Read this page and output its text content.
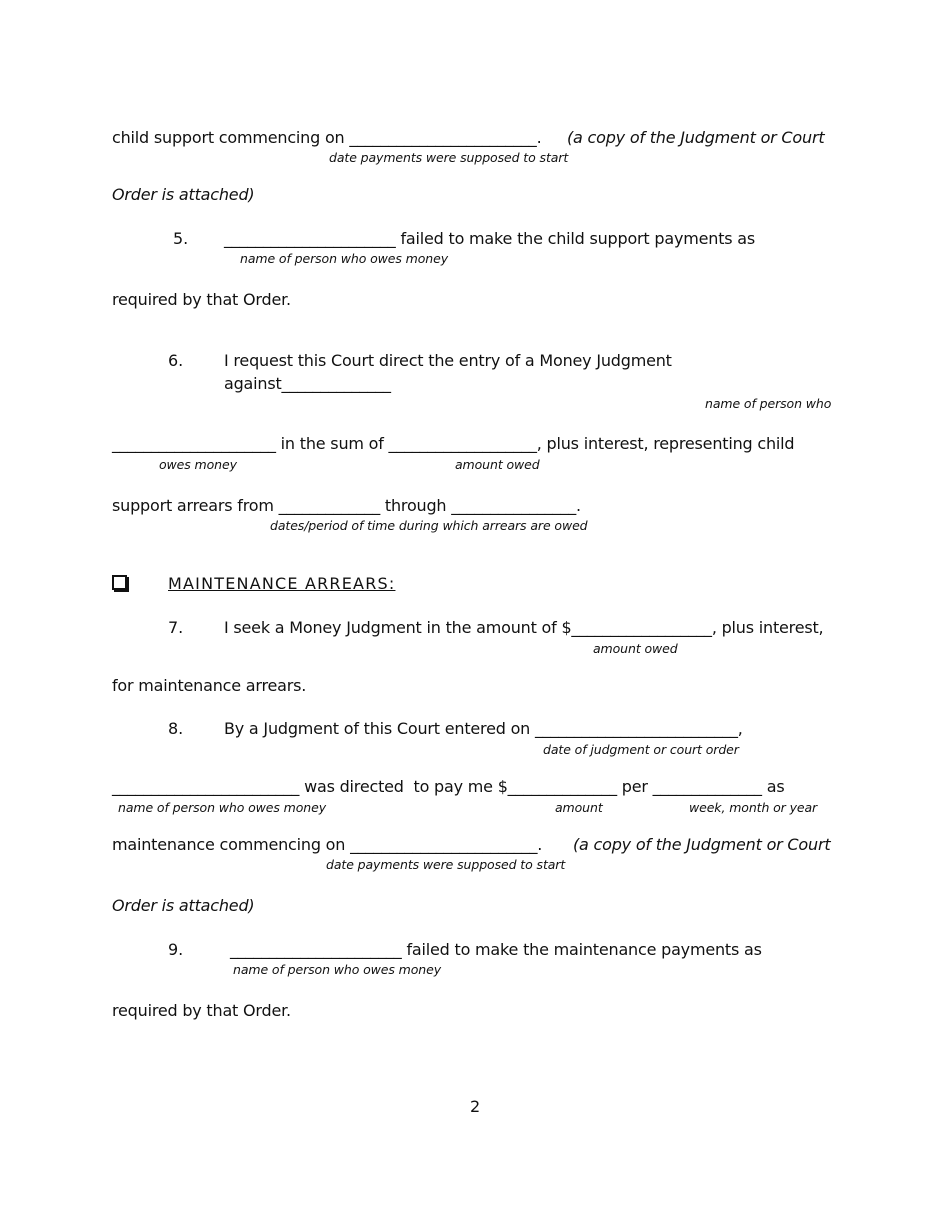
child support commencing on ________________________. (a copy of the Judgment or Court
date payments were supposed to start
Order is attached)
5. ______________________ failed to make the child support payments as
name of person who owes money
required by that Order.
6.	I request this Court direct the entry of a Money Judgment
against______________
name of person who
_____________________ in the sum of ___________________, plus interest, representing child
owes money	amount owed
support arrears from _____________ through ________________.
dates/period of time during which arrears are owed
MAINTENANCE ARREARS:
7.	I seek a Money Judgment in the amount of $__________________, plus interest,
amount owed
for maintenance arrears.
8.	By a Judgment of this Court entered on __________________________,
date of judgment or court order
________________________ was directed  to pay me $______________ per ______________ as
name of person who owes money	amount	week, month or year
maintenance commencing on ________________________. (a copy of the Judgment or Court
date payments were supposed to start
Order is attached)
9.	______________________ failed to make the maintenance payments as
name of person who owes money
required by that Order.
2
